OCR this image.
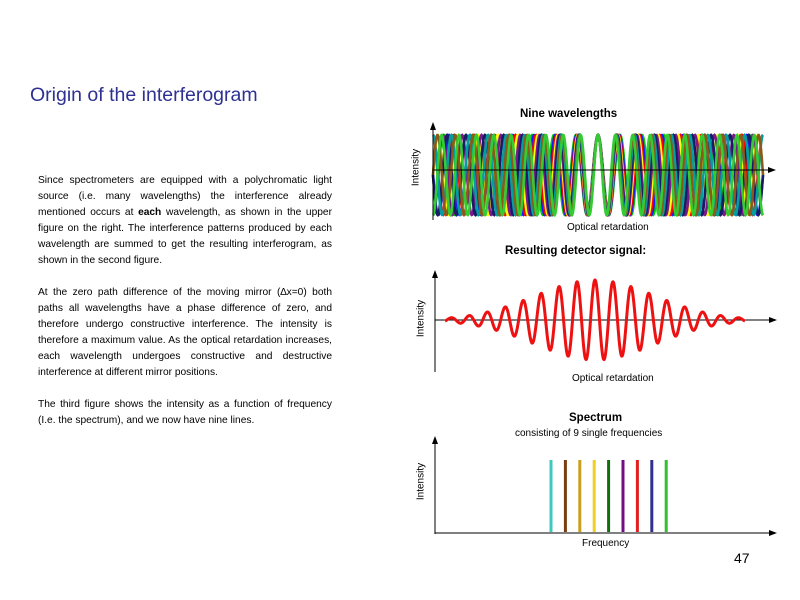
Origin of the interferogram

Since spectrometers are equipped with a polychromatic light source (i.e. many wavelengths) the interference already mentioned occurs at each wavelength, as shown in the upper figure on the right. The interference patterns produced by each wavelength are summed to get the resulting interferogram, as shown in the second figure.

At the zero path difference of the moving mirror (∆x=0) both paths all wavelengths have a phase difference of zero, and therefore undergo constructive interference. The intensity is therefore a maximum value. As the optical retardation increases, each wavelength undergoes constructive and destructive interference at different mirror positions.

The third figure shows the intensity as a function of frequency (I.e. the spectrum), and we now have nine lines.

Nine wavelengths
Intensity
Optical retardation
Resulting detector signal:
Intensity
Optical retardation
Spectrum
consisting of 9 single frequencies
Intensity
Frequency
47
